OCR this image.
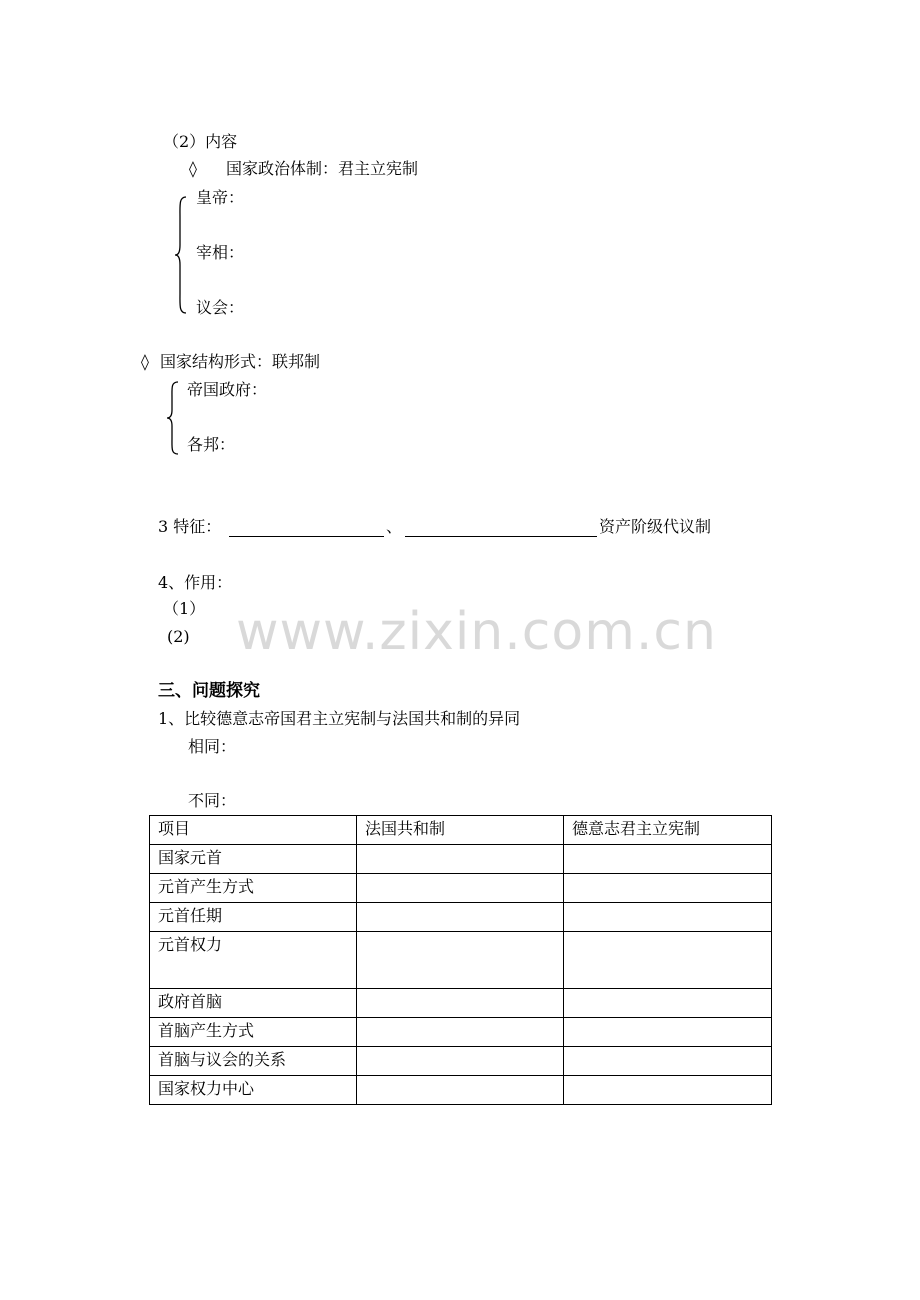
（2）内容
◊ 国家政治体制：君主立宪制
皇帝：
宰相：
议会：
◊ 国家结构形式：联邦制
帝国政府：
各邦：
3 特征：	、	资产阶级代议制
4、作用：
（1）
(2) www.zixin.com.cn
三、问题探究
1、比较德意志帝国君主立宪制与法国共和制的异同
相同：
不同：
项目	法国共和制	德意志君主立宪制
国家元首		
元首产生方式		
元首任期		
元首权力		
政府首脑		
首脑产生方式		
首脑与议会的关系		
国家权力中心		
